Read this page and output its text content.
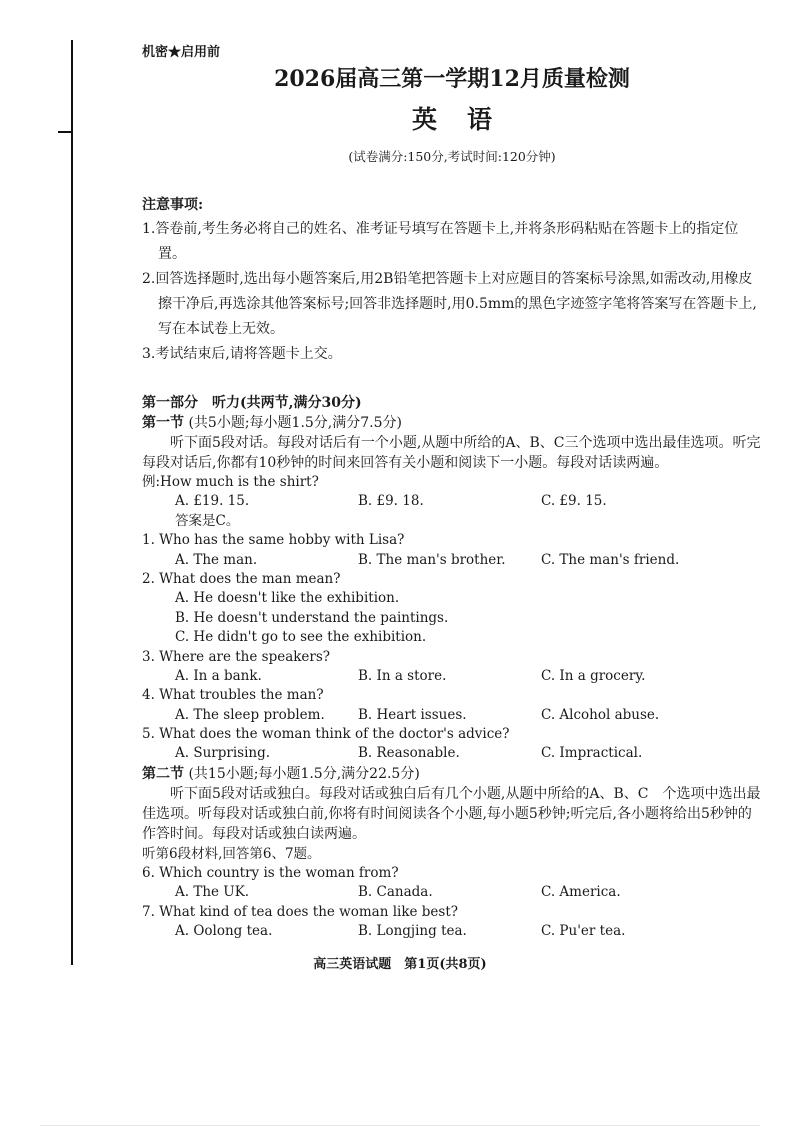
机密★启用前
2026届高三第一学期12月质量检测
英语
(试卷满分:150分,考试时间:120分钟)
注意事项:
1.答卷前,考生务必将自己的姓名、准考证号填写在答题卡上,并将条形码粘贴在答题卡上的指定位置。
2.回答选择题时,选出每小题答案后,用2B铅笔把答题卡上对应题目的答案标号涂黑,如需改动,用橡皮擦干净后,再选涂其他答案标号;回答非选择题时,用0.5mm的黑色字迹签字笔将答案写在答题卡上,写在本试卷上无效。
3.考试结束后,请将答题卡上交。
第一部分　听力(共两节,满分30分)
第一节 (共5小题;每小题1.5分,满分7.5分)
听下面5段对话。每段对话后有一个小题,从题中所给的A、B、C三个选项中选出最佳选项。听完每段对话后,你都有10秒钟的时间来回答有关小题和阅读下一小题。每段对话读两遍。
例:How much is the shirt?
A. £19. 15.	B. £9. 18.	C. £9. 15.
答案是C。
1. Who has the same hobby with Lisa?
A. The man.	B. The man's brother.	C. The man's friend.
2. What does the man mean?
A. He doesn't like the exhibition.
B. He doesn't understand the paintings.
C. He didn't go to see the exhibition.
3. Where are the speakers?
A. In a bank.	B. In a store.	C. In a grocery.
4. What troubles the man?
A. The sleep problem. B. Heart issues.	C. Alcohol abuse.
5. What does the woman think of the doctor's advice?
A. Surprising.	B. Reasonable.	C. Impractical.
第二节 (共15小题;每小题1.5分,满分22.5分)
听下面5段对话或独白。每段对话或独白后有几个小题,从题中所给的A、B、C　个选项中选出最佳选项。听每段对话或独白前,你将有时间阅读各个小题,每小题5秒钟;听完后,各小题将给出5秒钟的作答时间。每段对话或独白读两遍。
听第6段材料,回答第6、7题。
6. Which country is the woman from?
A. The UK.	B. Canada.	C. America.
7. What kind of tea does the woman like best?
A. Oolong tea.	B. Longjing tea.	C. Pu'er tea.
高三英语试题　第1页(共8页)
